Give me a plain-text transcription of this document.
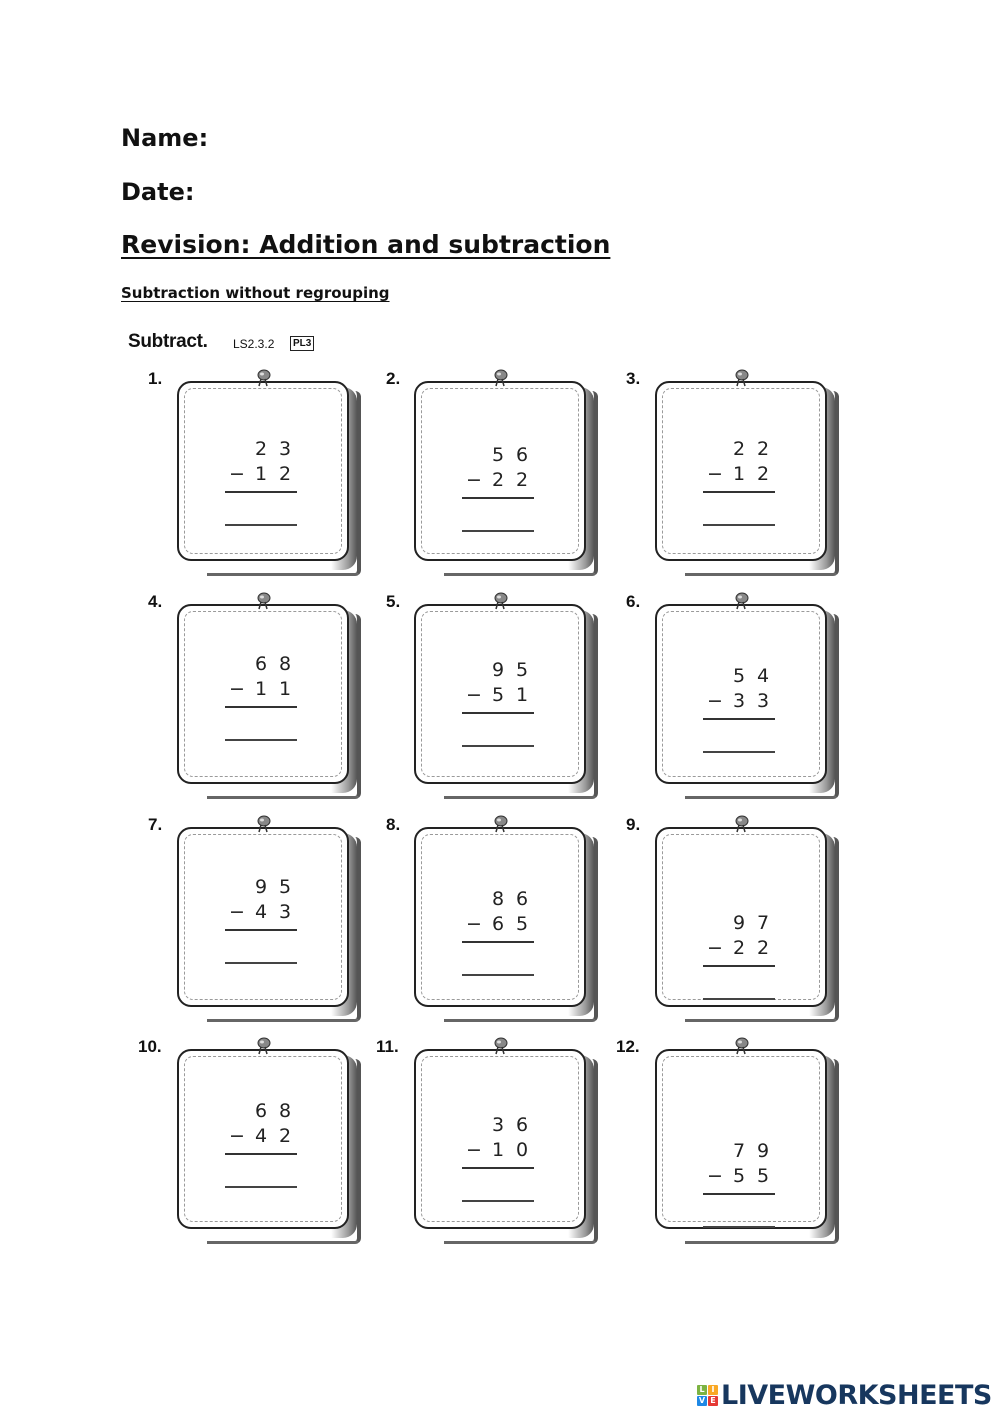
Name:
Date:
Revision: Addition and subtraction
Subtraction without regrouping
Subtract. LS2.3.2	PL3
1.
2 3
− 1 2
2.
5 6
− 2 2
3.
2 2
− 1 2
4.
6 8
− 1 1
5.
9 5
− 5 1
6.
5 4
− 3 3
7.
9 5
− 4 3
8.
8 6
− 6 5
9.
9 7
− 2 2
10.
6 8
− 4 2
11.
3 6
− 1 0
12.
7 9
− 5 5
L I
V E LIVEWORKSHEETS
